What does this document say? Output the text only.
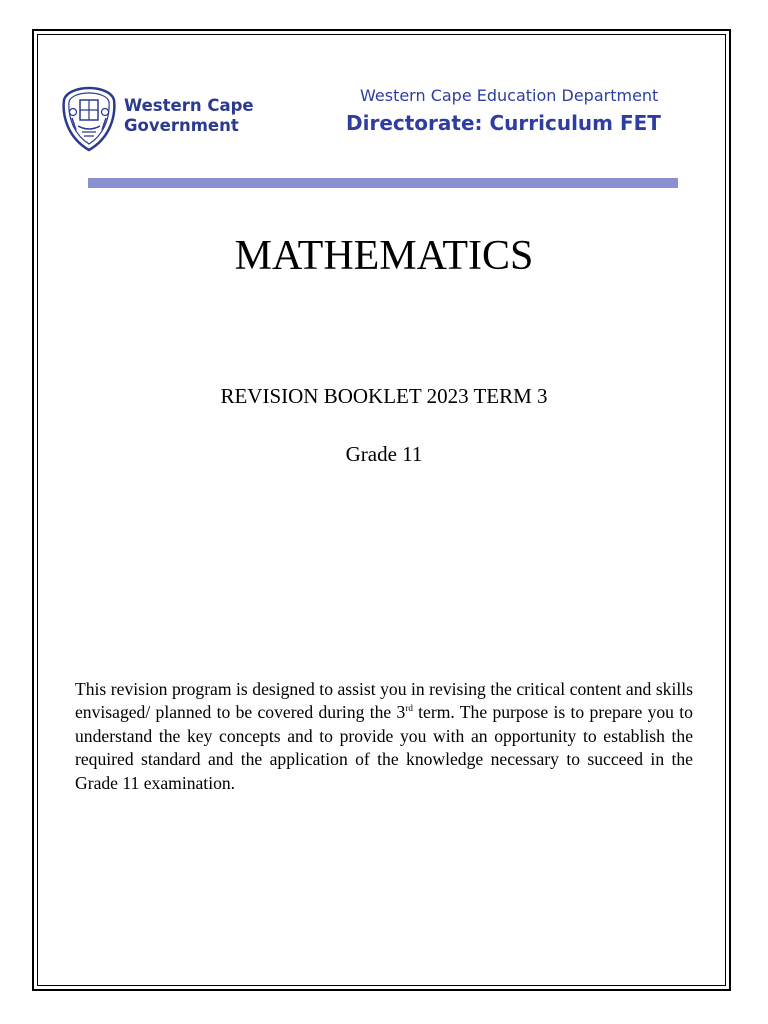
Western Cape
Government
Western Cape Education Department
Directorate: Curriculum FET
MATHEMATICS
REVISION BOOKLET 2023 TERM 3
Grade 11

This revision program is designed to assist you in revising the critical content and skills envisaged/ planned to be covered during the 3rd term. The purpose is to prepare you to understand the key concepts and to provide you with an opportunity to establish the required standard and the application of the knowledge necessary to succeed in the Grade 11 examination.
